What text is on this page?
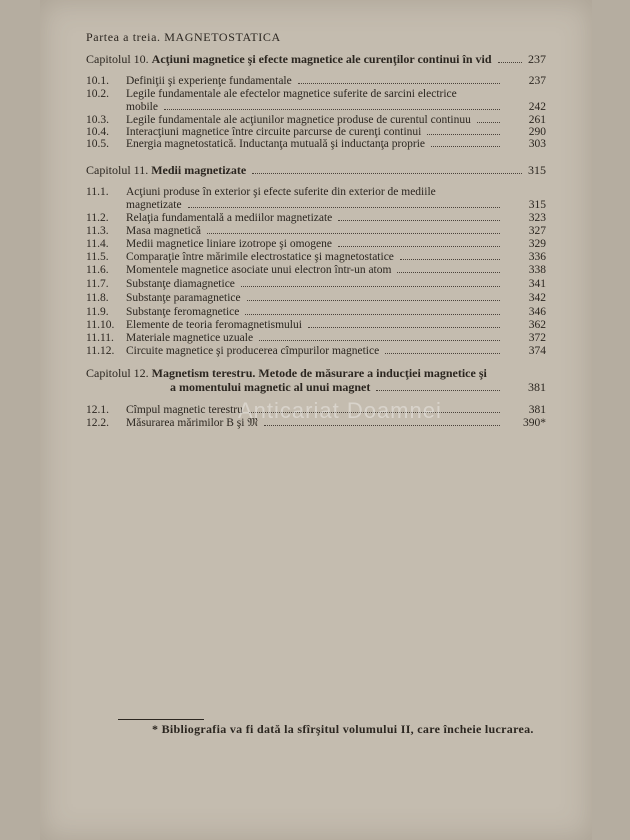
Partea a treia. MAGNETOSTATICA
Capitolul 10. Acţiuni magnetice şi efecte magnetice ale curenţilor continui în vid	237
10.1. Definiţii şi experienţe fundamentale	237
10.2. Legile fundamentale ale efectelor magnetice suferite de sarcini electrice
mobile	242
10.3. Legile fundamentale ale acţiunilor magnetice produse de curentul continuu	261
10.4. Interacţiuni magnetice între circuite parcurse de curenţi continui	290
10.5. Energia magnetostatică. Inductanţa mutuală şi inductanţa proprie	303
Capitolul 11. Medii magnetizate	315
11.1. Acţiuni produse în exterior şi efecte suferite din exterior de mediile
magnetizate	315
11.2. Relaţia fundamentală a mediilor magnetizate	323
11.3. Masa magnetică	327
11.4. Medii magnetice liniare izotrope şi omogene	329
11.5. Comparaţie între mărimile electrostatice şi magnetostatice	336
11.6. Momentele magnetice asociate unui electron într-un atom	338
11.7. Substanţe diamagnetice	341
11.8. Substanţe paramagnetice	342
11.9. Substanţe feromagnetice	346
11.10. Elemente de teoria feromagnetismului	362
11.11. Materiale magnetice uzuale	372
11.12. Circuite magnetice şi producerea cîmpurilor magnetice	374
Capitolul 12. Magnetism terestru. Metode de măsurare a inducţiei magnetice şi
a momentului magnetic al unui magnet	381
12.1. Cîmpul magnetic terestru	381
12.2. Măsurarea mărimilor B şi 𝔐	390*
* Bibliografia va fi dată la sfîrşitul volumului II, care încheie lucrarea.
Anticariat Doamnei
